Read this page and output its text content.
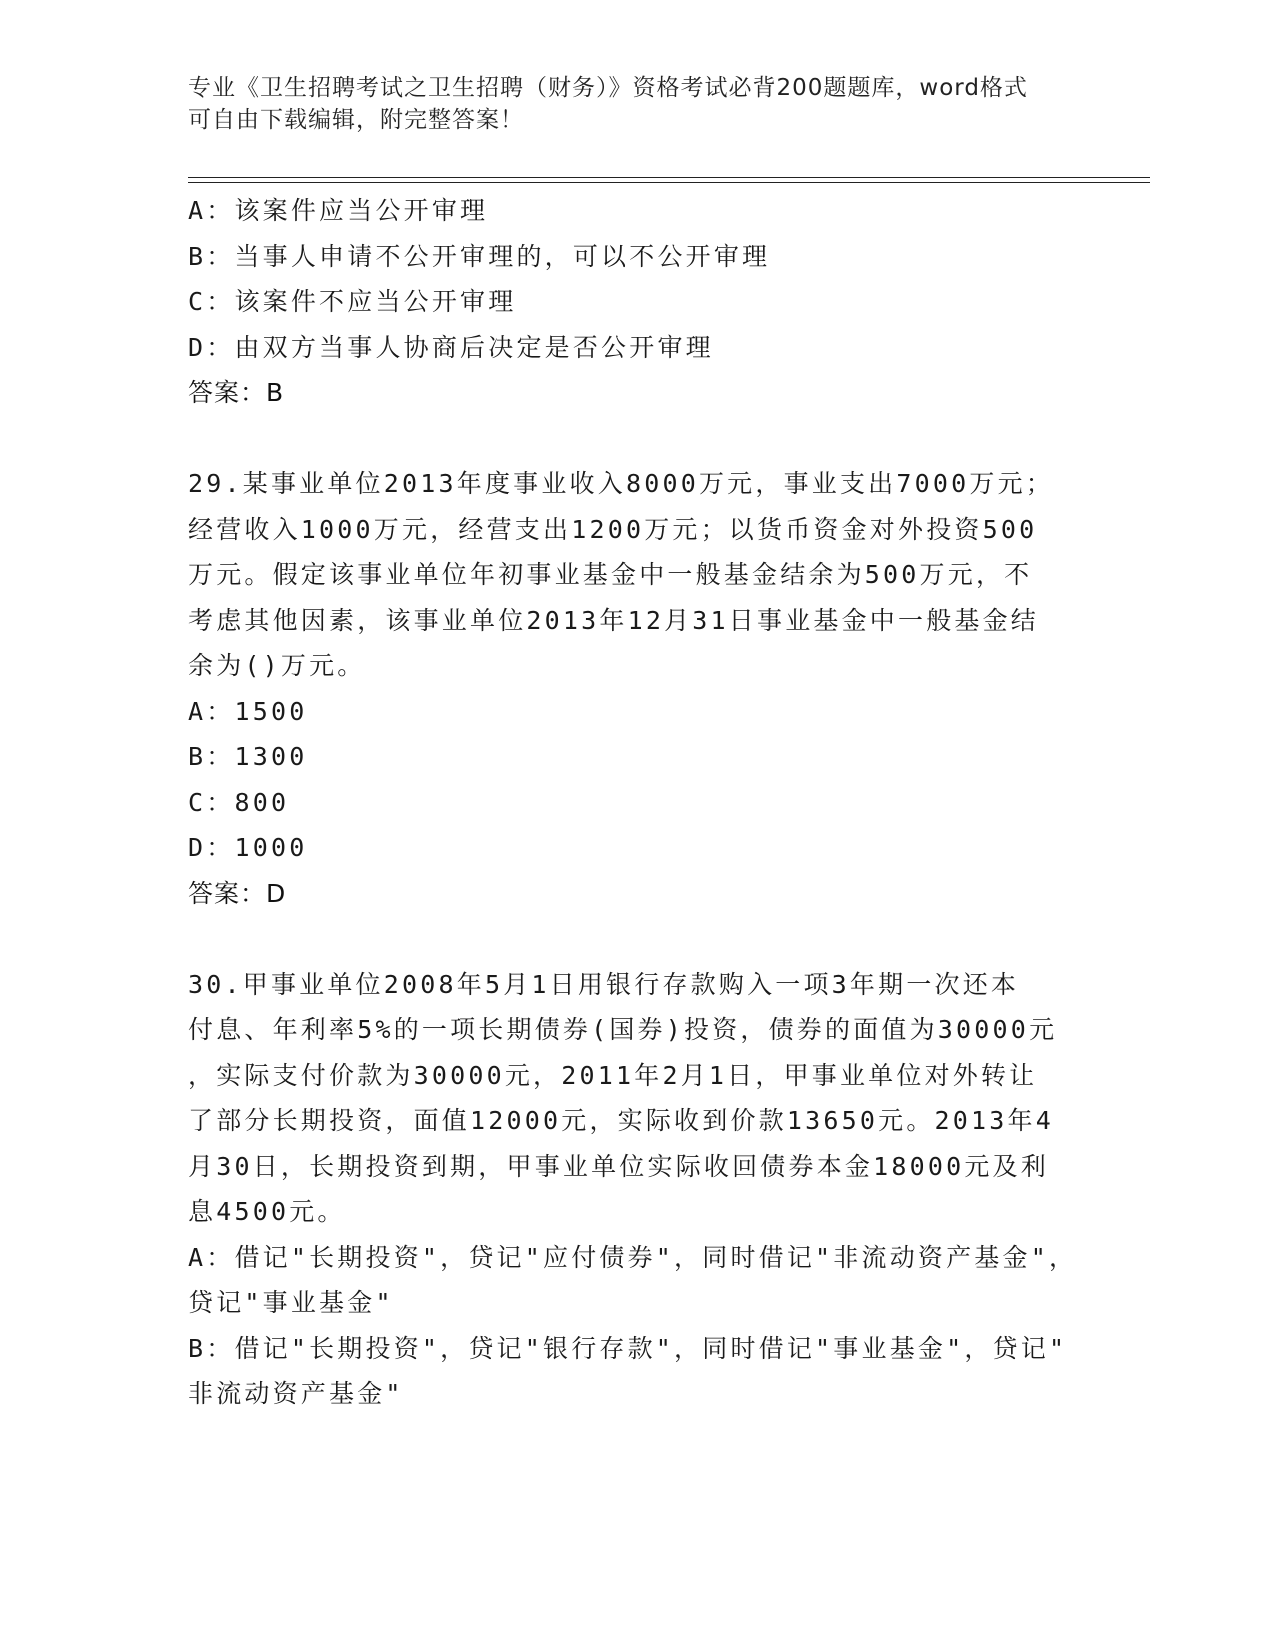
专业《卫生招聘考试之卫生招聘（财务）》资格考试必背200题题库，word格式

可自由下载编辑，附完整答案！

A：该案件应当公开审理

B：当事人申请不公开审理的，可以不公开审理

C：该案件不应当公开审理

D：由双方当事人协商后决定是否公开审理

答案：B

29.某事业单位2013年度事业收入8000万元，事业支出7000万元；

经营收入1000万元，经营支出1200万元；以货币资金对外投资500

万元。假定该事业单位年初事业基金中一般基金结余为500万元，不

考虑其他因素，该事业单位2013年12月31日事业基金中一般基金结

余为()万元。

A：1500

B：1300

C：800

D：1000

答案：D

30.甲事业单位2008年5月1日用银行存款购入一项3年期一次还本

付息、年利率5%的一项长期债券(国券)投资，债券的面值为30000元

，实际支付价款为30000元，2011年2月1日，甲事业单位对外转让

了部分长期投资，面值12000元，实际收到价款13650元。2013年4

月30日，长期投资到期，甲事业单位实际收回债券本金18000元及利

息4500元。

A：借记"长期投资"，贷记"应付债券"，同时借记"非流动资产基金"，

贷记"事业基金"

B：借记"长期投资"，贷记"银行存款"，同时借记"事业基金"，贷记"

非流动资产基金"
